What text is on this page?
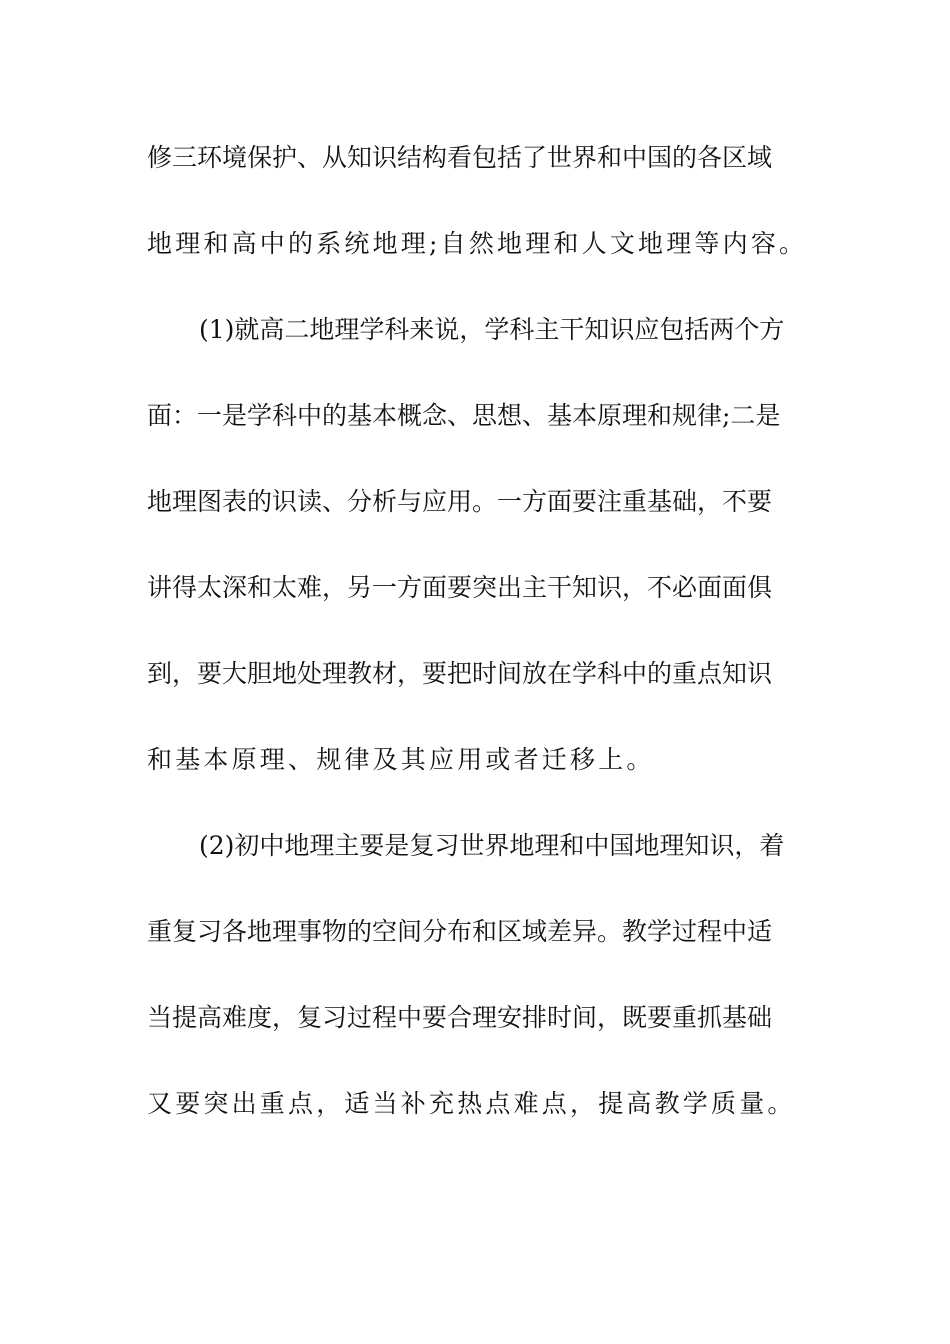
修三环境保护、从知识结构看包括了世界和中国的各区域
地理和高中的系统地理;自然地理和人文地理等内容。
(1)就高二地理学科来说，学科主干知识应包括两个方
面：一是学科中的基本概念、思想、基本原理和规律;二是
地理图表的识读、分析与应用。一方面要注重基础，不要
讲得太深和太难，另一方面要突出主干知识，不必面面俱
到，要大胆地处理教材，要把时间放在学科中的重点知识
和基本原理、规律及其应用或者迁移上。
(2)初中地理主要是复习世界地理和中国地理知识，着
重复习各地理事物的空间分布和区域差异。教学过程中适
当提高难度，复习过程中要合理安排时间，既要重抓基础
又要突出重点，适当补充热点难点，提高教学质量。
